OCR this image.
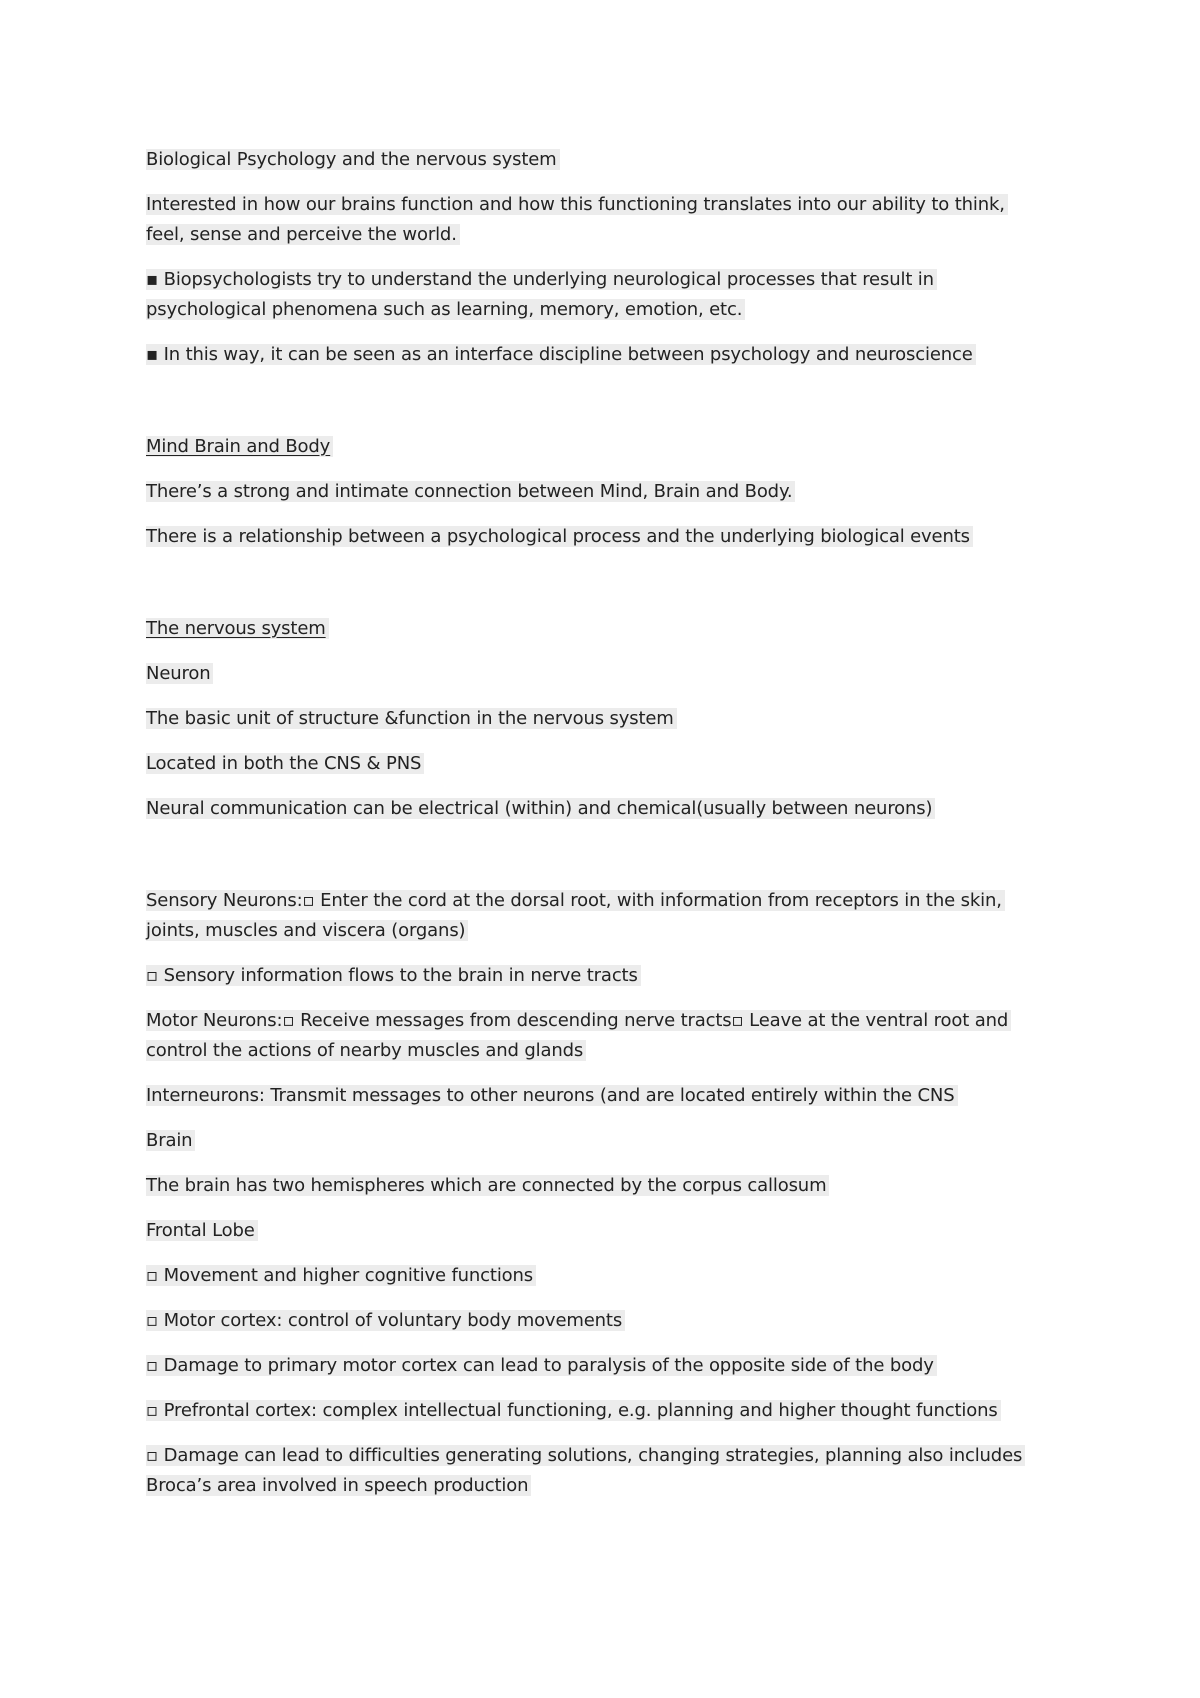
Biological Psychology and the nervous system

Interested in how our brains function and how this functioning translates into our ability to think, feel, sense and perceive the world.

▪ Biopsychologists try to understand the underlying neurological processes that result in psychological phenomena such as learning, memory, emotion, etc.

▪ In this way, it can be seen as an interface discipline between psychology and neuroscience

Mind Brain and Body

There’s a strong and intimate connection between Mind, Brain and Body.

There is a relationship between a psychological process and the underlying biological events

The nervous system

Neuron

The basic unit of structure &function in the nervous system

Located in both the CNS & PNS

Neural communication can be electrical (within) and chemical(usually between neurons)

Sensory Neurons:▫ Enter the cord at the dorsal root, with information from receptors in the skin, joints, muscles and viscera (organs)

▫ Sensory information flows to the brain in nerve tracts

Motor Neurons:▫ Receive messages from descending nerve tracts▫ Leave at the ventral root and control the actions of nearby muscles and glands

Interneurons: Transmit messages to other neurons (and are located entirely within the CNS

Brain

The brain has two hemispheres which are connected by the corpus callosum

Frontal Lobe

▫ Movement and higher cognitive functions

▫ Motor cortex: control of voluntary body movements

▫ Damage to primary motor cortex can lead to paralysis of the opposite side of the body

▫ Prefrontal cortex: complex intellectual functioning, e.g. planning and higher thought functions

▫ Damage can lead to difficulties generating solutions, changing strategies, planning also includes Broca’s area involved in speech production
